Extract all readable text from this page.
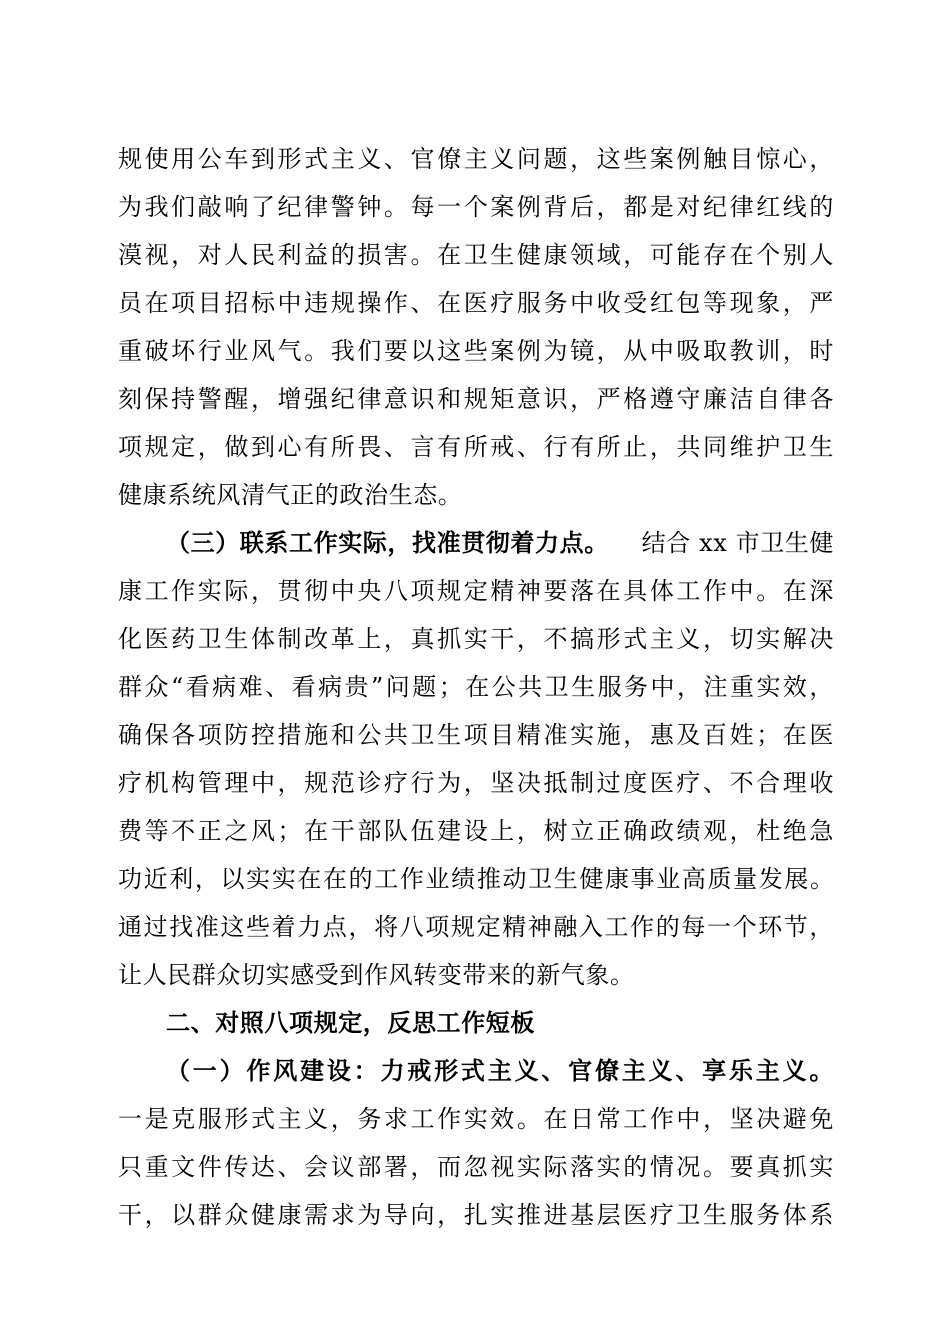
规使用公车到形式主义、官僚主义问题，这些案例触目惊心，
为我们敲响了纪律警钟。每一个案例背后，都是对纪律红线的
漠视，对人民利益的损害。在卫生健康领域，可能存在个别人
员在项目招标中违规操作、在医疗服务中收受红包等现象，严
重破坏行业风气。我们要以这些案例为镜，从中吸取教训，时
刻保持警醒，增强纪律意识和规矩意识，严格遵守廉洁自律各
项规定，做到心有所畏、言有所戒、行有所止，共同维护卫生
健康系统风清气正的政治生态。
（三）联系工作实际，找准贯彻着力点。 结合 xx 市卫生健
康工作实际，贯彻中央八项规定精神要落在具体工作中。在深
化医药卫生体制改革上，真抓实干，不搞形式主义，切实解决
群众“看病难、看病贵”问题；在公共卫生服务中，注重实效，
确保各项防控措施和公共卫生项目精准实施，惠及百姓；在医
疗机构管理中，规范诊疗行为，坚决抵制过度医疗、不合理收
费等不正之风；在干部队伍建设上，树立正确政绩观，杜绝急
功近利，以实实在在的工作业绩推动卫生健康事业高质量发展。
通过找准这些着力点，将八项规定精神融入工作的每一个环节，
让人民群众切实感受到作风转变带来的新气象。
二、对照八项规定，反思工作短板
（一）作风建设：力戒形式主义、官僚主义、享乐主义。
一是克服形式主义，务求工作实效。在日常工作中，坚决避免
只重文件传达、会议部署，而忽视实际落实的情况。要真抓实
干，以群众健康需求为导向，扎实推进基层医疗卫生服务体系
